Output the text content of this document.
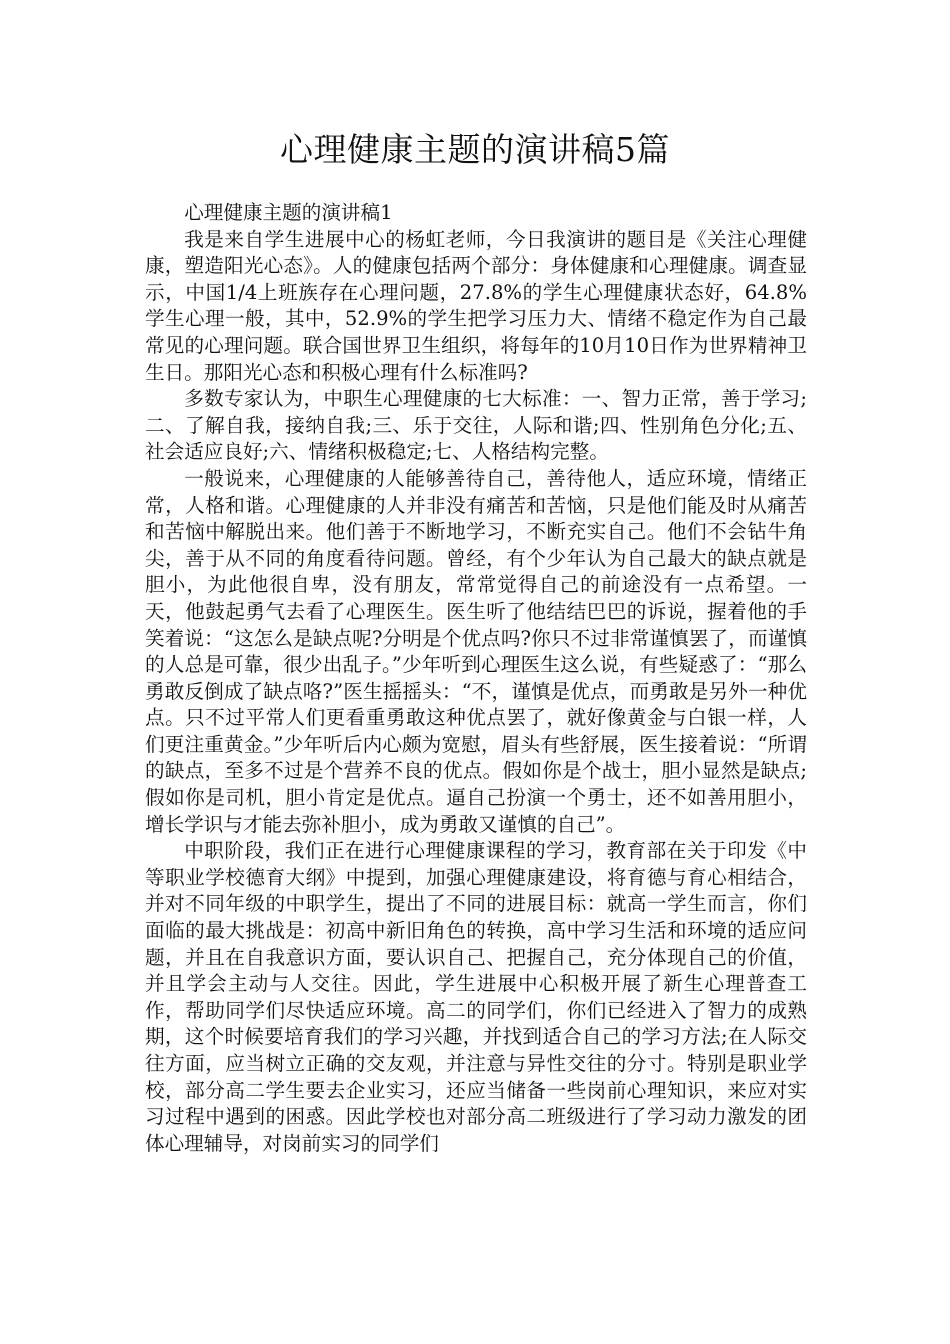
心理健康主题的演讲稿5篇

心理健康主题的演讲稿1

我是来自学生进展中心的杨虹老师，今日我演讲的题目是《关注心理健康，塑造阳光心态》。人的健康包括两个部分：身体健康和心理健康。调查显示，中国1/4上班族存在心理问题，27.8%的学生心理健康状态好，64.8%学生心理一般，其中，52.9%的学生把学习压力大、情绪不稳定作为自己最常见的心理问题。联合国世界卫生组织，将每年的10月10日作为世界精神卫生日。那阳光心态和积极心理有什么标准吗?

多数专家认为，中职生心理健康的七大标准：一、智力正常，善于学习;二、了解自我，接纳自我;三、乐于交往，人际和谐;四、性别角色分化;五、社会适应良好;六、情绪积极稳定;七、人格结构完整。

一般说来，心理健康的人能够善待自己，善待他人，适应环境，情绪正常，人格和谐。心理健康的人并非没有痛苦和苦恼，只是他们能及时从痛苦和苦恼中解脱出来。他们善于不断地学习，不断充实自己。他们不会钻牛角尖，善于从不同的角度看待问题。曾经，有个少年认为自己最大的缺点就是胆小，为此他很自卑，没有朋友，常常觉得自己的前途没有一点希望。一天，他鼓起勇气去看了心理医生。医生听了他结结巴巴的诉说，握着他的手笑着说：“这怎么是缺点呢?分明是个优点吗?你只不过非常谨慎罢了，而谨慎的人总是可靠，很少出乱子。”少年听到心理医生这么说，有些疑惑了：“那么勇敢反倒成了缺点咯?”医生摇摇头：“不，谨慎是优点，而勇敢是另外一种优点。只不过平常人们更看重勇敢这种优点罢了，就好像黄金与白银一样，人们更注重黄金。”少年听后内心颇为宽慰，眉头有些舒展，医生接着说：“所谓的缺点，至多不过是个营养不良的优点。假如你是个战士，胆小显然是缺点;假如你是司机，胆小肯定是优点。逼自己扮演一个勇士，还不如善用胆小，增长学识与才能去弥补胆小，成为勇敢又谨慎的自己”。

中职阶段，我们正在进行心理健康课程的学习，教育部在关于印发《中等职业学校德育大纲》中提到，加强心理健康建设，将育德与育心相结合，并对不同年级的中职学生，提出了不同的进展目标：就高一学生而言，你们面临的最大挑战是：初高中新旧角色的转换，高中学习生活和环境的适应问题，并且在自我意识方面，要认识自己、把握自己，充分体现自己的价值，并且学会主动与人交往。因此，学生进展中心积极开展了新生心理普查工作，帮助同学们尽快适应环境。高二的同学们，你们已经进入了智力的成熟期，这个时候要培育我们的学习兴趣，并找到适合自己的学习方法;在人际交往方面，应当树立正确的交友观，并注意与异性交往的分寸。特别是职业学校，部分高二学生要去企业实习，还应当储备一些岗前心理知识，来应对实习过程中遇到的困惑。因此学校也对部分高二班级进行了学习动力激发的团体心理辅导，对岗前实习的同学们
